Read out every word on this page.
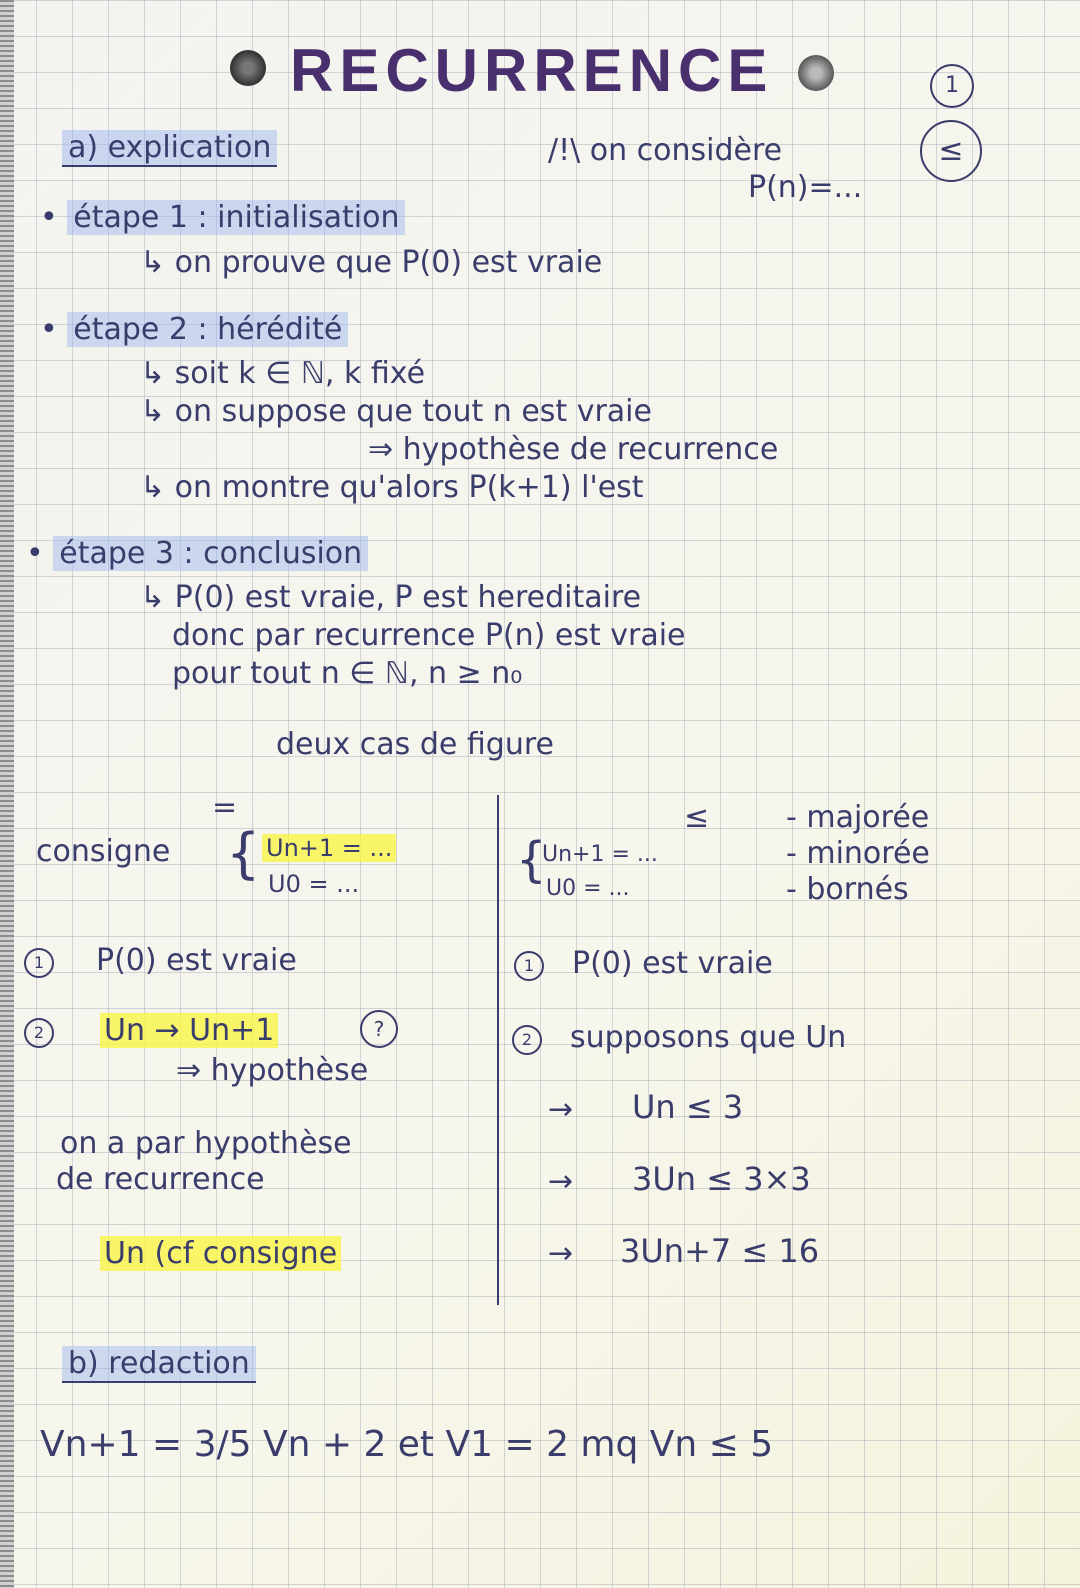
RECURRENCE	1
≤
a) explication	/!\ on considère
P(n)=...
• étape 1 : initialisation
↳ on prouve que P(0) est vraie
• étape 2 : hérédité
↳ soit k ∈ ℕ, k fixé
↳ on suppose que tout n est vraie
⇒ hypothèse de recurrence
↳ on montre qu'alors P(k+1) l'est
• étape 3 : conclusion
↳ P(0) est vraie, P est hereditaire
donc par recurrence P(n) est vraie
pour tout n ∈ ℕ, n ≥ n₀
deux cas de figure
=
consigne { Un+1 = ...
U0 = ...
1	P(0) est vraie
2	Un → Un+1	?
⇒ hypothèse
on a par hypothèse
de recurrence
Un (cf consigne
≤	- majorée
- minorée
- bornés
{
Un+1 = ...
U0 = ...
1	P(0) est vraie
2	supposons que Un
→ Un ≤ 3
→ 3Un ≤ 3×3
→ 3Un+7 ≤ 16
b) redaction
Vn+1 = 3/5 Vn + 2 et V1 = 2 mq Vn ≤ 5
